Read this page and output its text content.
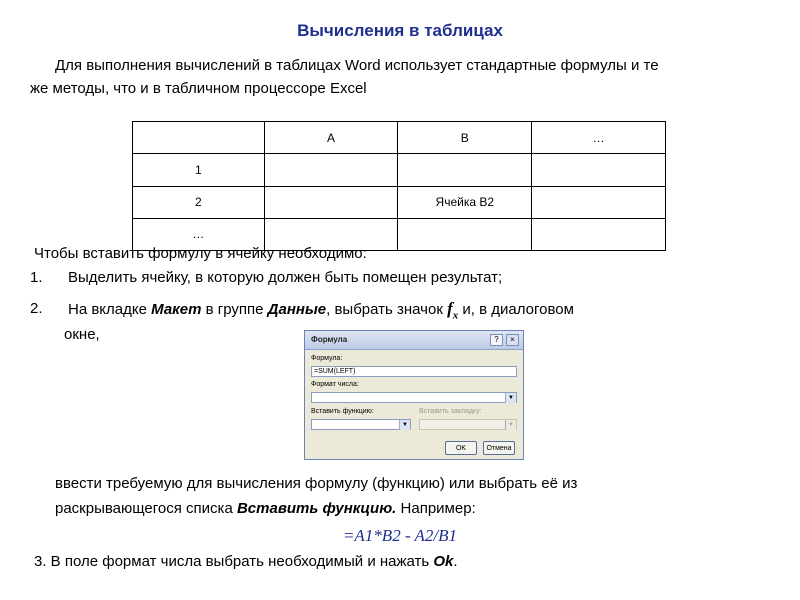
Вычисления в таблицах
Для выполнения вычислений в таблицах Word использует стандартные формулы и те
же методы, что и в табличном процессоре Excel
	A	B	…
1			
2		Ячейка B2	
…			
Чтобы вставить формулу в ячейку необходимо:
1. Выделить ячейку, в которую должен быть помещен результат;
2. На вкладке Макет в группе Данные, выбрать значок $f_x$ и, в диалоговом
окне,	Формула	?	×
Формула:
=SUM(LEFT)
Формат числа:
▼
Вставить функцию:	Вставить закладку:
▼	▼
OK	Отмена
ввести требуемую для вычисления формулу (функцию) или выбрать её из
раскрывающегося списка Вставить функцию. Например:
=A1*B2 - A2/B1
3. В поле формат числа выбрать необходимый и нажать Ok.
